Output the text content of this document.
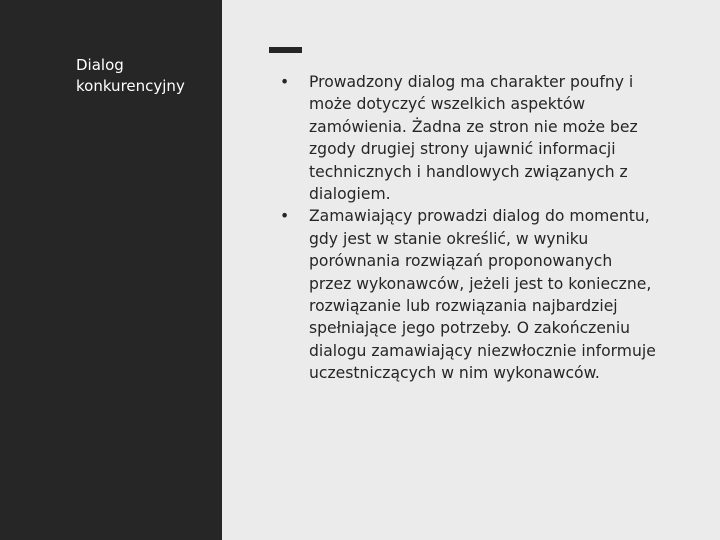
Dialog konkurencyjny
•	Prowadzony dialog ma charakter poufny i może dotyczyć wszelkich aspektów zamówienia. Żadna ze stron nie może bez zgody drugiej strony ujawnić informacji technicznych i handlowych związanych z dialogiem.
• Zamawiający prowadzi dialog do momentu, gdy jest w stanie określić, w wyniku porównania rozwiązań proponowanych przez wykonawców, jeżeli jest to konieczne, rozwiązanie lub rozwiązania najbardziej spełniające jego potrzeby. O zakończeniu dialogu zamawiający niezwłocznie informuje uczestniczących w nim wykonawców.
